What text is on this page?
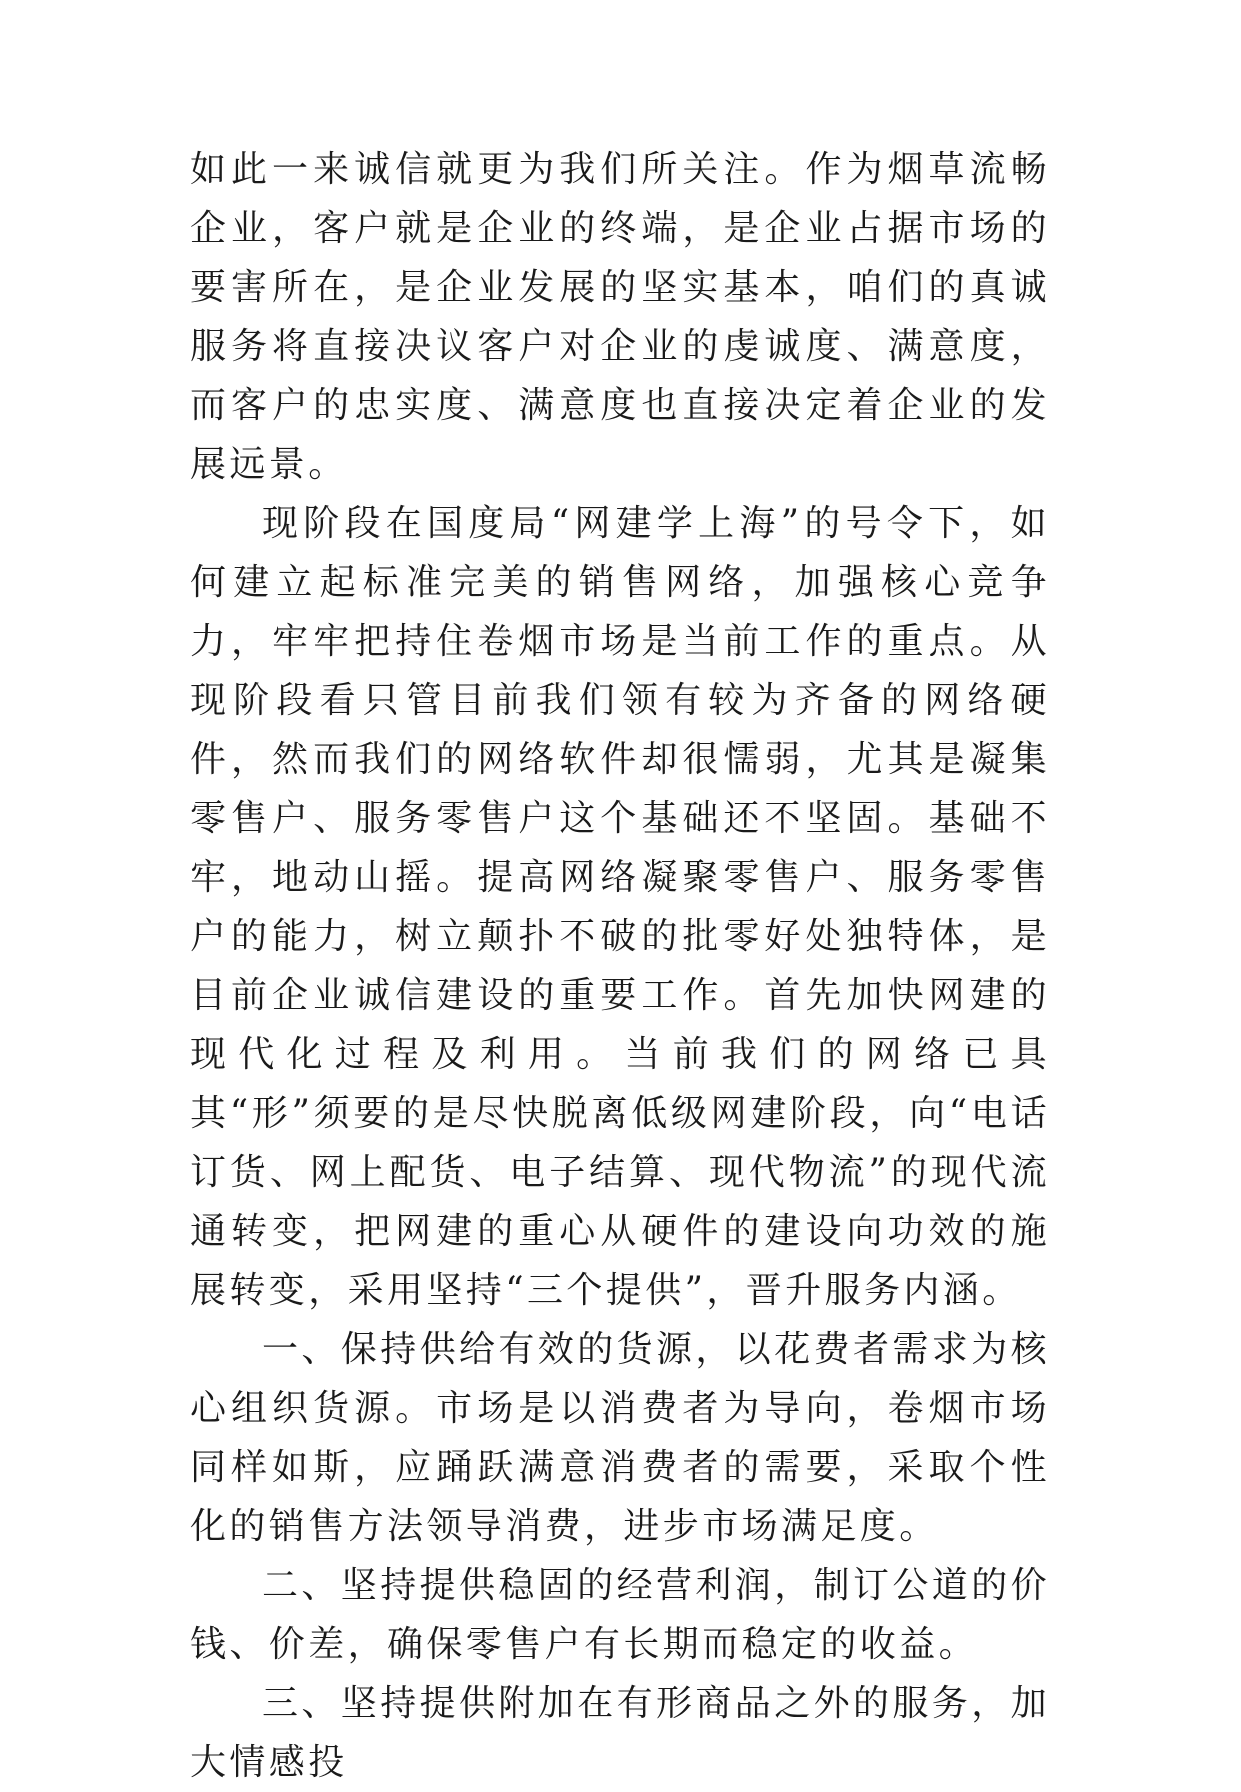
如此一来诚信就更为我们所关注。作为烟草流畅企业，客户就是企业的终端，是企业占据市场的要害所在，是企业发展的坚实基本，咱们的真诚服务将直接决议客户对企业的虔诚度、满意度，而客户的忠实度、满意度也直接决定着企业的发展远景。

现阶段在国度局“网建学上海”的号令下，如何建立起标准完美的销售网络，加强核心竞争力，牢牢把持住卷烟市场是当前工作的重点。从现阶段看只管目前我们领有较为齐备的网络硬件，然而我们的网络软件却很懦弱，尤其是凝集零售户、服务零售户这个基础还不坚固。基础不牢，地动山摇。提高网络凝聚零售户、服务零售户的能力，树立颠扑不破的批零好处独特体，是目前企业诚信建设的重要工作。首先加快网建的现代化过程及利用。当前我们的网络已具其“形”须要的是尽快脱离低级网建阶段，向“电话订货、网上配货、电子结算、现代物流”的现代流通转变，把网建的重心从硬件的建设向功效的施展转变，采用坚持“三个提供”，晋升服务内涵。

一、保持供给有效的货源，以花费者需求为核心组织货源。市场是以消费者为导向，卷烟市场同样如斯，应踊跃满意消费者的需要，采取个性化的销售方法领导消费，进步市场满足度。

二、坚持提供稳固的经营利润，制订公道的价钱、价差，确保零售户有长期而稳定的收益。

三、坚持提供附加在有形商品之外的服务，加大情感投
